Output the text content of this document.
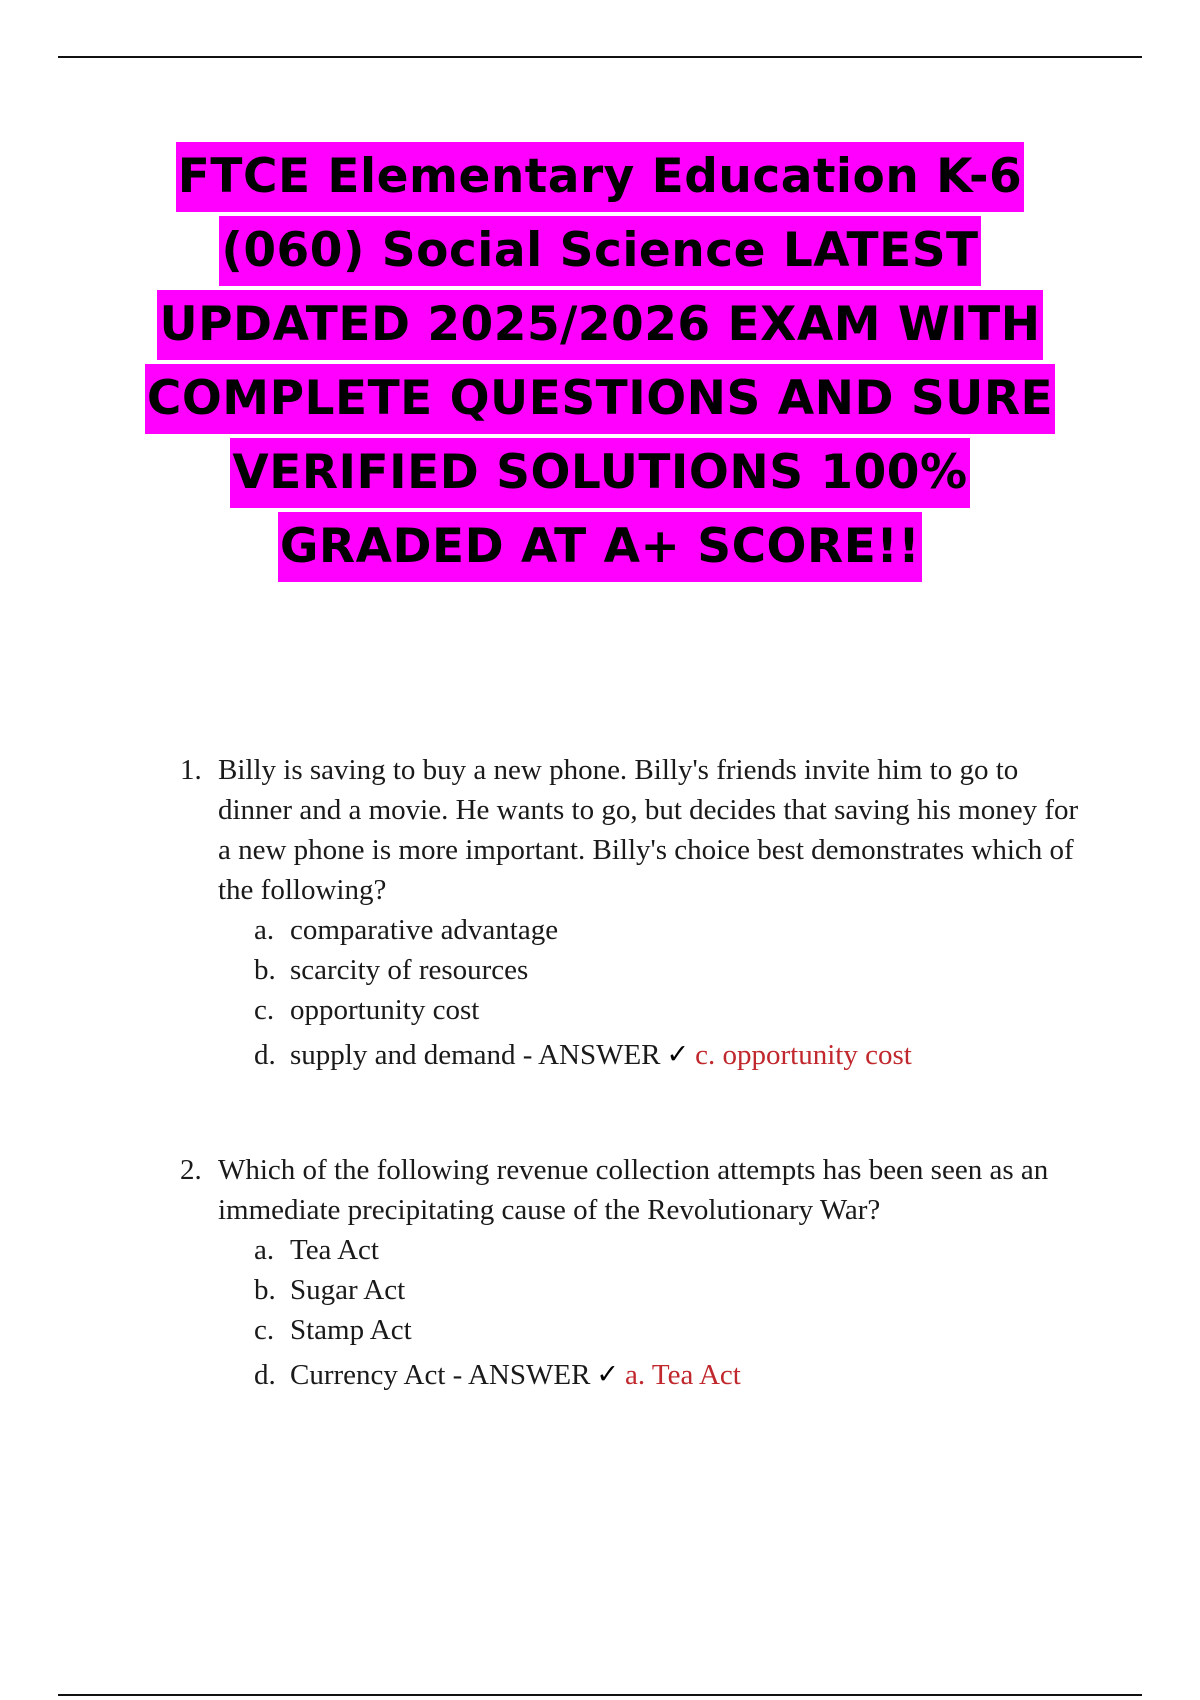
FTCE Elementary Education K-6
(060) Social Science LATEST
UPDATED 2025/2026 EXAM WITH
COMPLETE QUESTIONS AND SURE
VERIFIED SOLUTIONS 100%
GRADED AT A+ SCORE!!
1. Billy is saving to buy a new phone. Billy's friends invite him to go to dinner and a movie. He wants to go, but decides that saving his money for a new phone is more important. Billy's choice best demonstrates which of the following?
a. comparative advantage
b. scarcity of resources
c. opportunity cost
d. supply and demand - ANSWER ✓ c. opportunity cost
2. Which of the following revenue collection attempts has been seen as an immediate precipitating cause of the Revolutionary War?
a. Tea Act
b. Sugar Act
c. Stamp Act
d. Currency Act - ANSWER ✓ a. Tea Act
